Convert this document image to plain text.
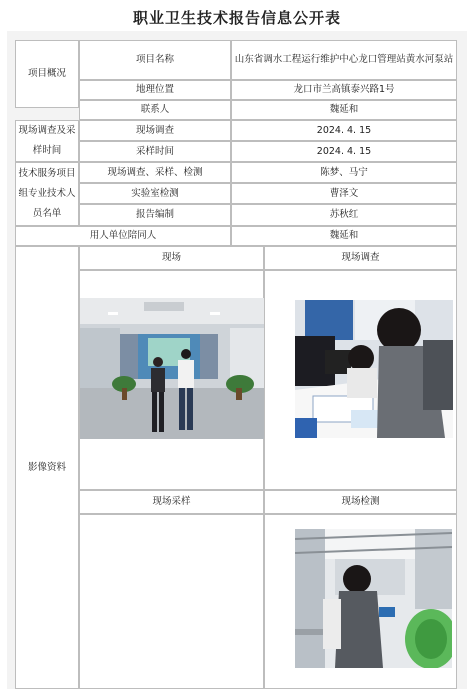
职业卫生技术报告信息公开表
项目概况
项目名称	山东省调水工程运行维护中心龙口管理站黄水河泵站
地理位置	龙口市兰高镇泰兴路1号
联系人	魏延和
现场调查及采样时间
现场调查	2024. 4. 15
采样时间	2024. 4. 15
技术服务项目组专业技术人员名单
现场调查、采样、检测	陈梦、马宁
实验室检测	曹泽文
报告编制	苏秋红
用人单位陪同人	魏延和
影像资料
现场	现场调查
现场采样	现场检测
